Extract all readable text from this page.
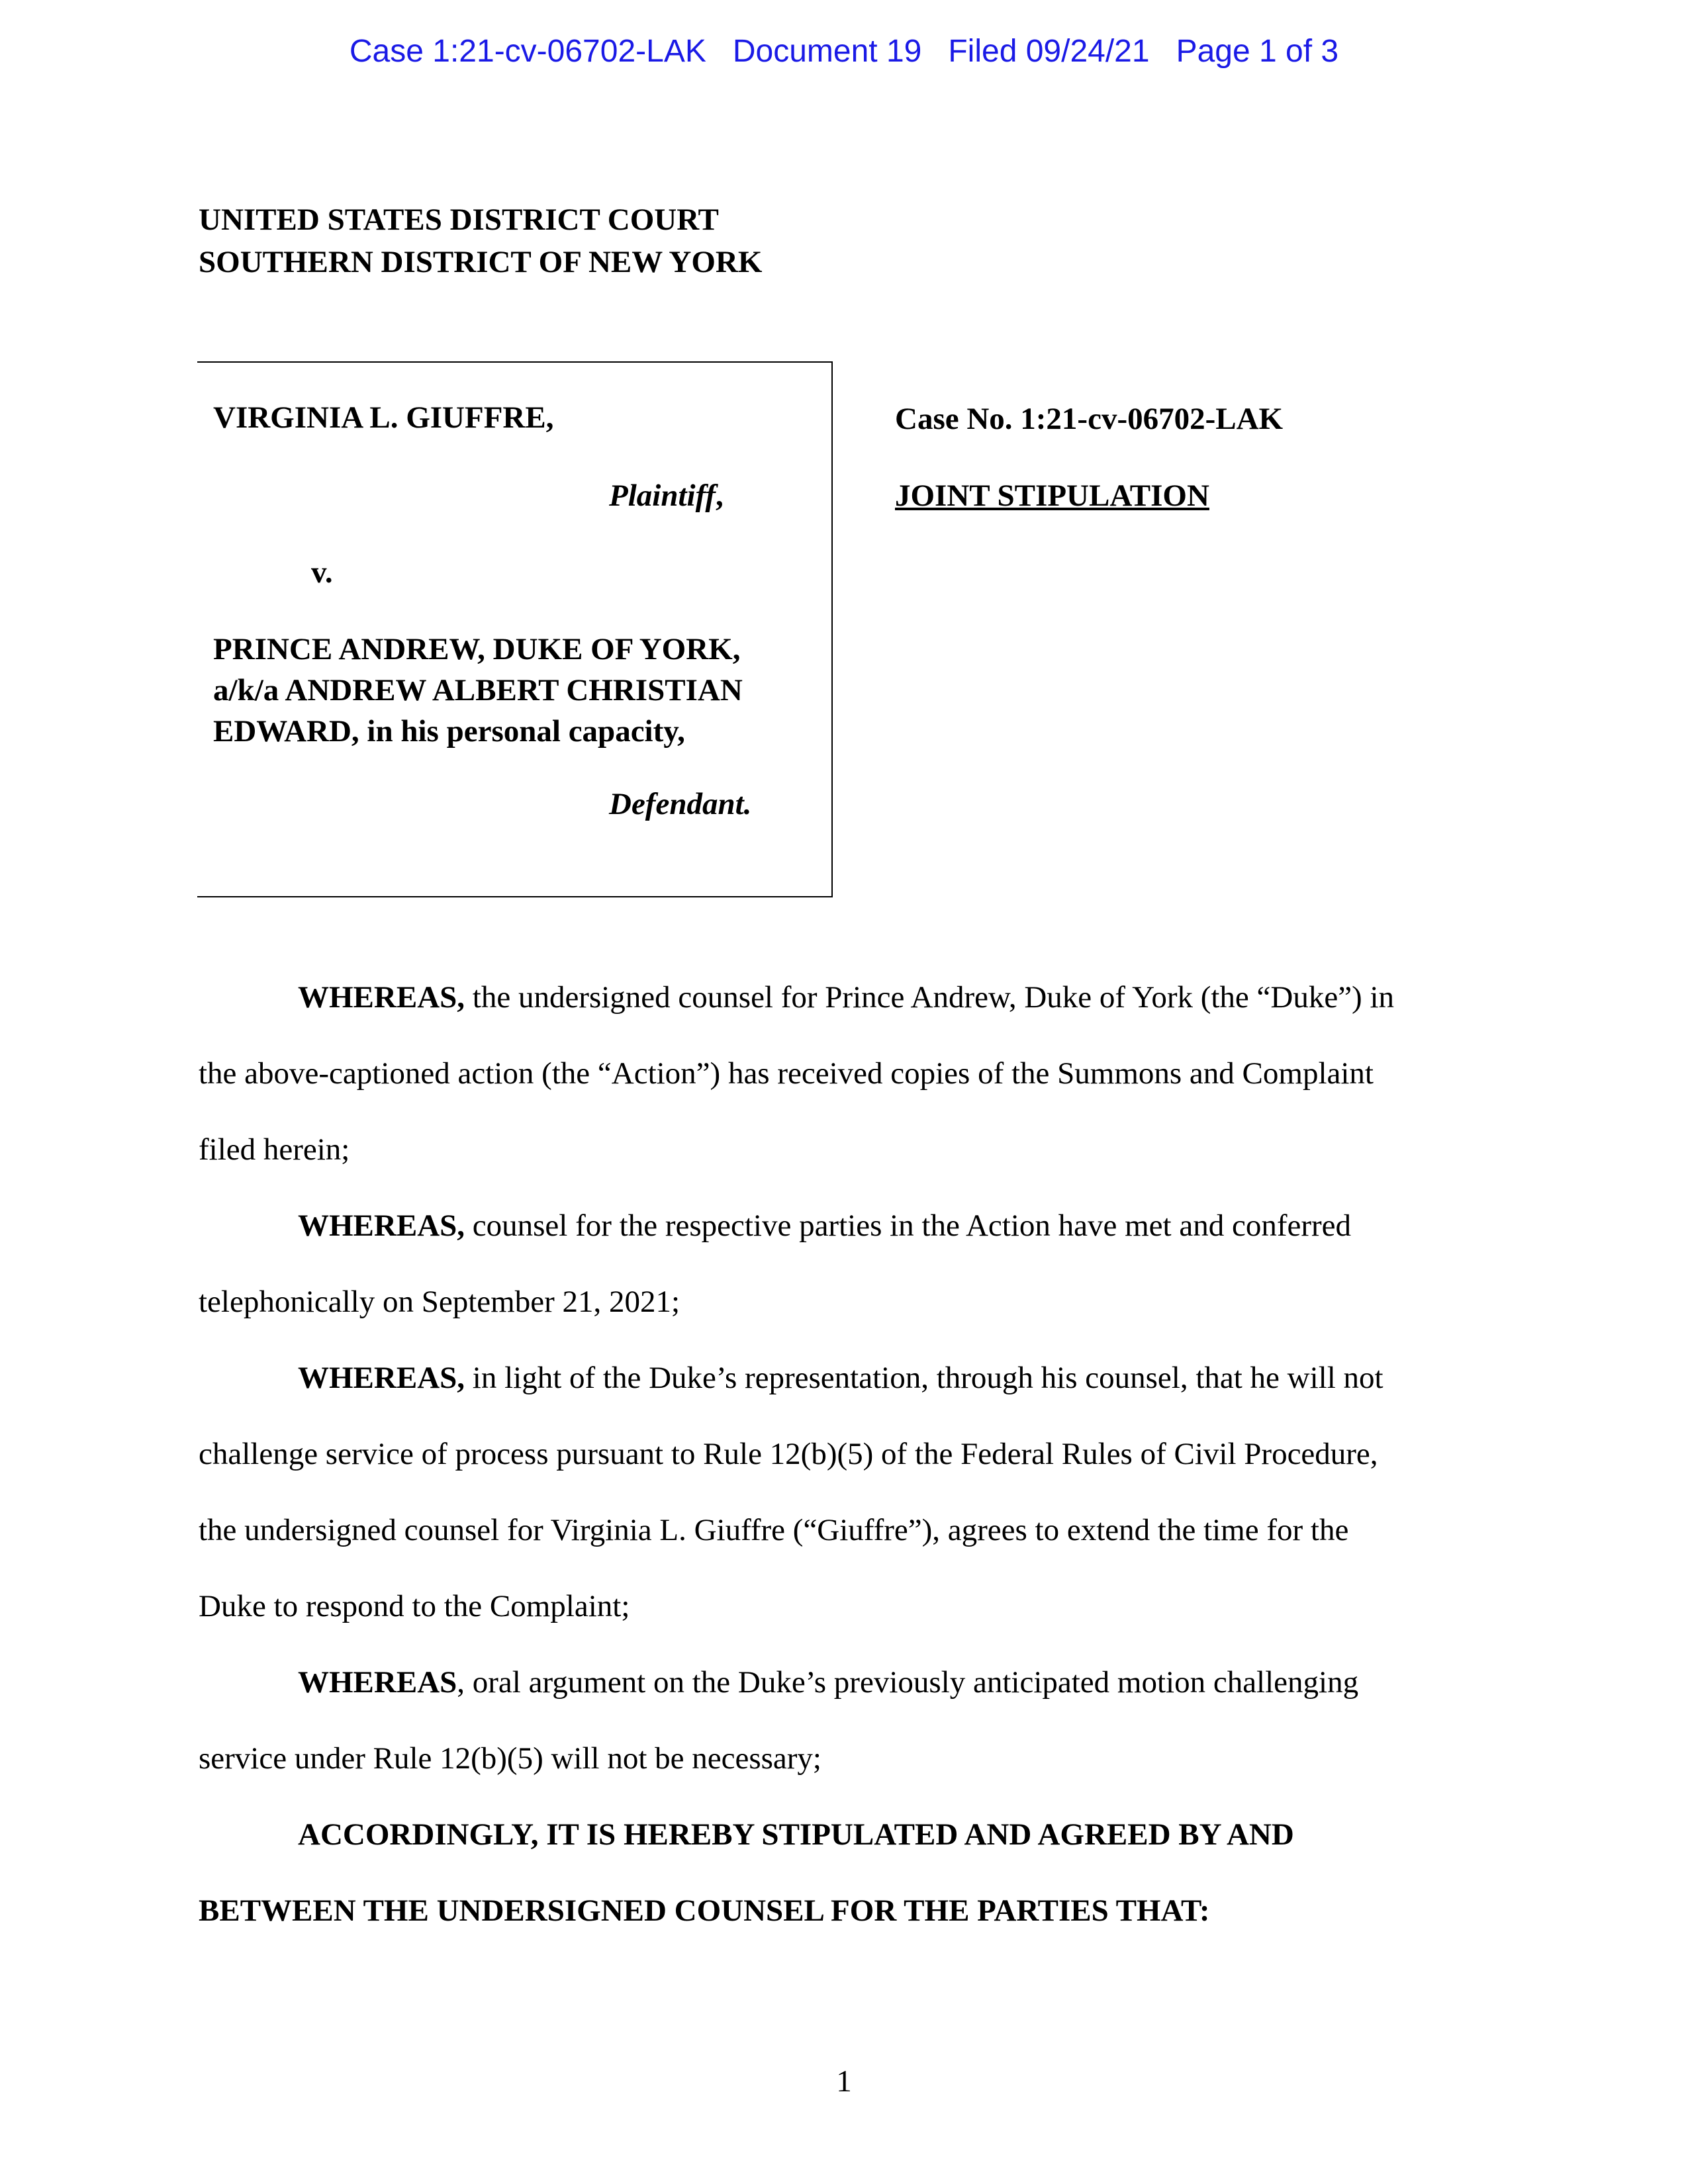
Case 1:21-cv-06702-LAK   Document 19   Filed 09/24/21   Page 1 of 3
UNITED STATES DISTRICT COURT
SOUTHERN DISTRICT OF NEW YORK
VIRGINIA L. GIUFFRE,
Plaintiff,
v.
PRINCE ANDREW, DUKE OF YORK,
a/k/a ANDREW ALBERT CHRISTIAN
EDWARD, in his personal capacity,
Defendant.
Case No. 1:21-cv-06702-LAK
JOINT STIPULATION
WHEREAS, the undersigned counsel for Prince Andrew, Duke of York (the “Duke”) in
the above-captioned action (the “Action”) has received copies of the Summons and Complaint
filed herein;
WHEREAS, counsel for the respective parties in the Action have met and conferred
telephonically on September 21, 2021;
WHEREAS, in light of the Duke’s representation, through his counsel, that he will not
challenge service of process pursuant to Rule 12(b)(5) of the Federal Rules of Civil Procedure,
the undersigned counsel for Virginia L. Giuffre (“Giuffre”), agrees to extend the time for the
Duke to respond to the Complaint;
WHEREAS, oral argument on the Duke’s previously anticipated motion challenging
service under Rule 12(b)(5) will not be necessary;
ACCORDINGLY, IT IS HEREBY STIPULATED AND AGREED BY AND
BETWEEN THE UNDERSIGNED COUNSEL FOR THE PARTIES THAT:
1
